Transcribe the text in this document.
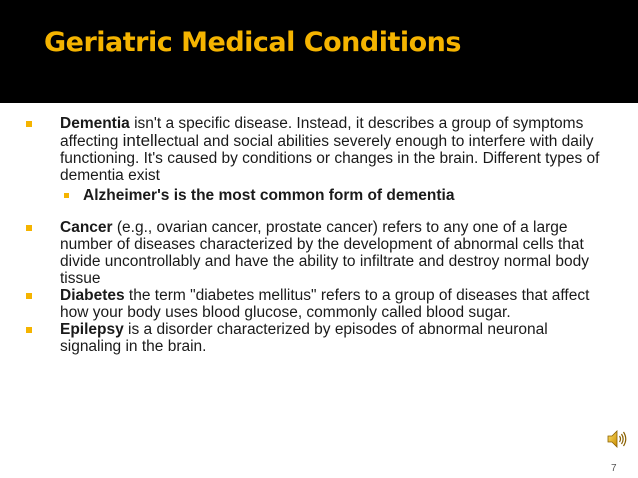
Geriatric Medical Conditions
Dementia isn't a specific disease. Instead, it describes a group of symptoms affecting intellectual and social abilities severely enough to interfere with daily functioning. It's caused by conditions or changes in the brain. Different types of dementia exist
Alzheimer's is the most common form of dementia
Cancer (e.g., ovarian cancer, prostate cancer) refers to any one of a large number of diseases characterized by the development of abnormal cells that divide uncontrollably and have the ability to infiltrate and destroy normal body tissue
Diabetes the term "diabetes mellitus" refers to a group of diseases that affect how your body uses blood glucose, commonly called blood sugar.
Epilepsy is a disorder characterized by episodes of abnormal neuronal signaling in the brain.
7
